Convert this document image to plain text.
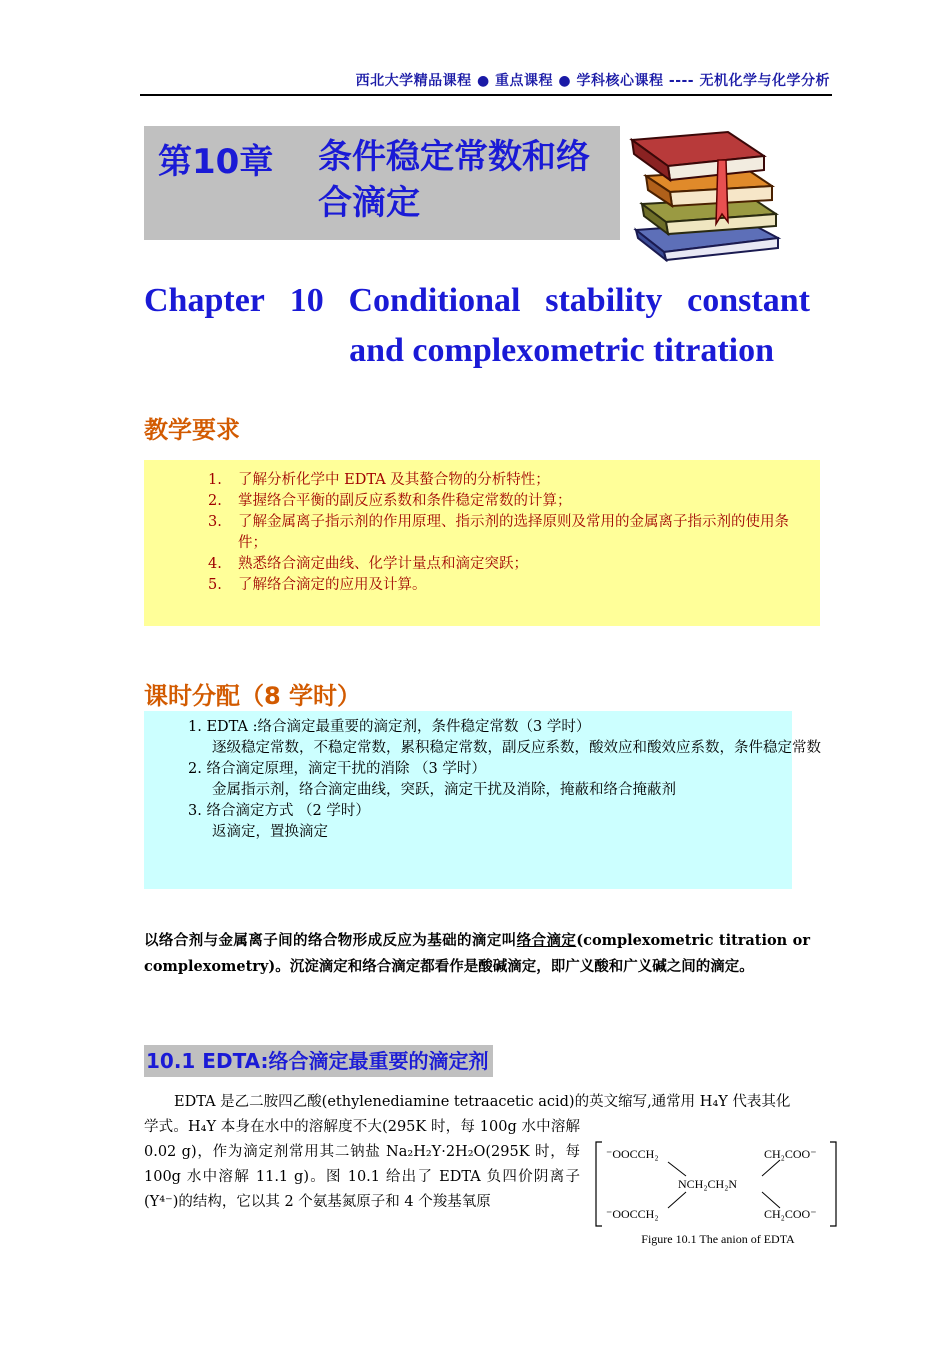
西北大学精品课程 ● 重点课程 ● 学科核心课程 ---- 无机化学与化学分析
第10章 条件稳定常数和络合滴定
Chapter 10 Conditional stability constant
and complexometric titration
教学要求
1. 了解分析化学中 EDTA 及其螯合物的分析特性；
2. 掌握络合平衡的副反应系数和条件稳定常数的计算；
3. 了解金属离子指示剂的作用原理、指示剂的选择原则及常用的金属离子指示剂的使用条件；
4. 熟悉络合滴定曲线、化学计量点和滴定突跃；
5. 了解络合滴定的应用及计算。
课时分配（8 学时）
1. EDTA :络合滴定最重要的滴定剂，条件稳定常数（3 学时）
逐级稳定常数，不稳定常数，累积稳定常数，副反应系数，酸效应和酸效应系数，条件稳定常数
2. 络合滴定原理，滴定干扰的消除 （3 学时）
金属指示剂，络合滴定曲线，突跃，滴定干扰及消除，掩蔽和络合掩蔽剂
3. 络合滴定方式 （2 学时）
返滴定，置换滴定
以络合剂与金属离子间的络合物形成反应为基础的滴定叫络合滴定(complexometric titration or complexometry)。沉淀滴定和络合滴定都看作是酸碱滴定，即广义酸和广义碱之间的滴定。
10.1 EDTA:络合滴定最重要的滴定剂
EDTA 是乙二胺四乙酸(ethylenediamine tetraacetic acid)的英文缩写,通常用 H₄Y 代表其化
学式。H₄Y 本身在水中的溶解度不大(295K 时，每 100g 水中溶解 0.02 g)，作为滴定剂常用其二钠盐 Na₂H₂Y·2H₂O(295K 时，每 100g 水中溶解 11.1 g)。图 10.1 给出了 EDTA 负四价阴离子(Y⁴⁻)的结构，它以其 2 个氨基氮原子和 4 个羧基氧原
⁻OOCCH₂
⁻OOCCH₂
NCH₂CH₂N
CH₂COO⁻
CH₂COO⁻
Figure 10.1 The anion of EDTA
